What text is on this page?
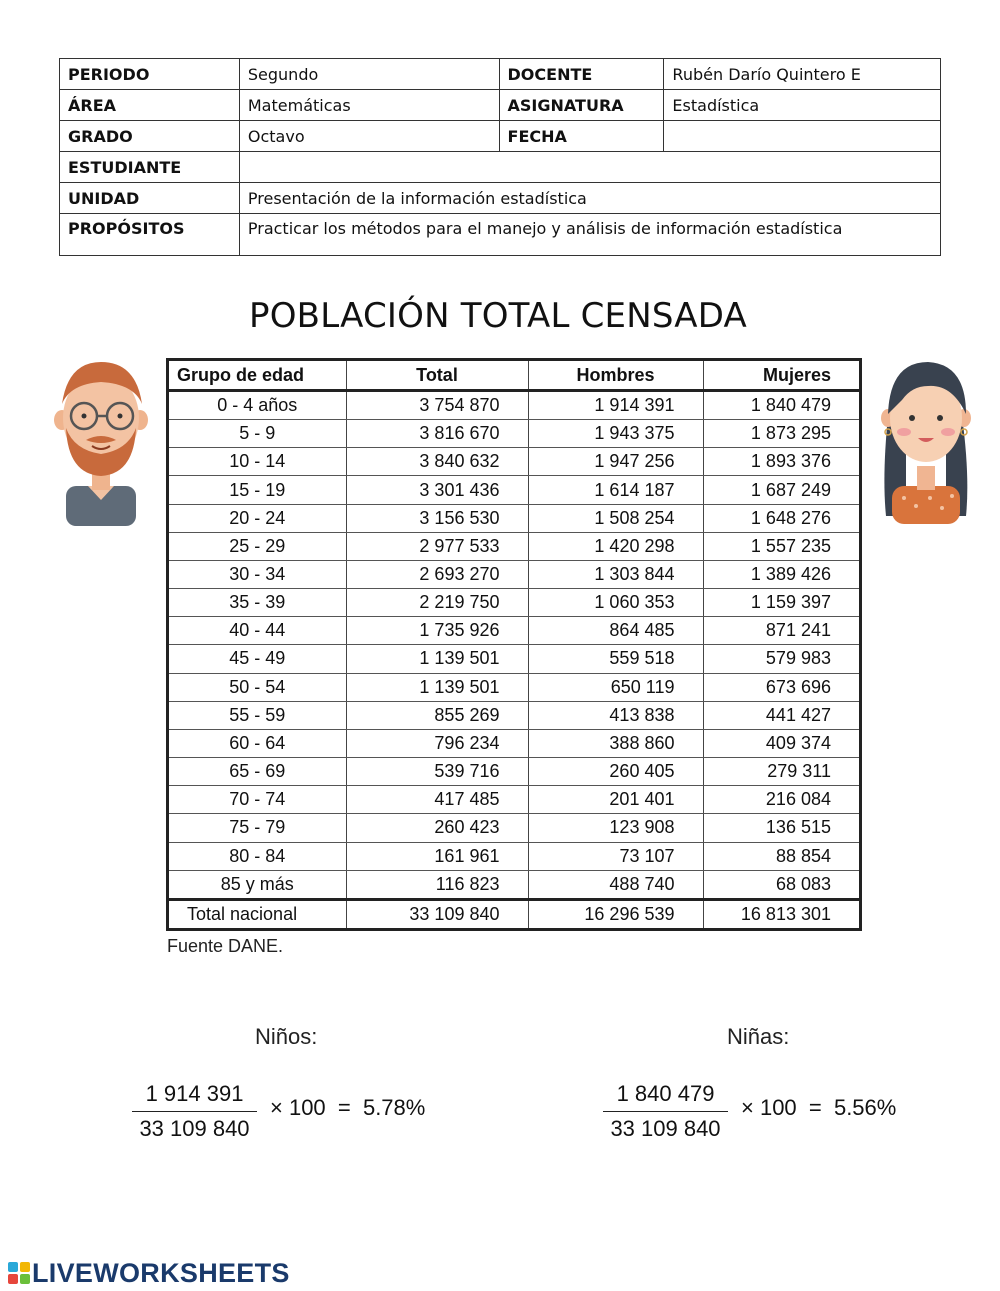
PERIODO	Segundo	DOCENTE	Rubén Darío Quintero E
ÁREA	Matemáticas	ASIGNATURA	Estadística
GRADO	Octavo	FECHA	
ESTUDIANTE			
UNIDAD	Presentación de la información estadística		
PROPÓSITOS	Practicar los métodos para el manejo y análisis de información estadística		
POBLACIÓN TOTAL CENSADA
Grupo de edad	Total	Hombres	Mujeres
0 - 4 años	3 754 870	1 914 391	1 840 479
5 - 9	3 816 670	1 943 375	1 873 295
10 - 14	3 840 632	1 947 256	1 893 376
15 - 19	3 301 436	1 614 187	1 687 249
20 - 24	3 156 530	1 508 254	1 648 276
25 - 29	2 977 533	1 420 298	1 557 235
30 - 34	2 693 270	1 303 844	1 389 426
35 - 39	2 219 750	1 060 353	1 159 397
40 - 44	1 735 926	864 485	871 241
45 - 49	1 139 501	559 518	579 983
50 - 54	1 139 501	650 119	673 696
55 - 59	855 269	413 838	441 427
60 - 64	796 234	388 860	409 374
65 - 69	539 716	260 405	279 311
70 - 74	417 485	201 401	216 084
75 - 79	260 423	123 908	136 515
80 - 84	161 961	73 107	88 854
85 y más	116 823	488 740	68 083
Total nacional	33 109 840	16 296 539	16 813 301
Fuente DANE.
Niños:	Niñas:
$\frac{1 914 391}{33 109 840} \times 100 = 5.78\%$	$\frac{1 840 479}{33 109 840} \times 100 = 5.56\%$
LIVEWORKSHEETS
